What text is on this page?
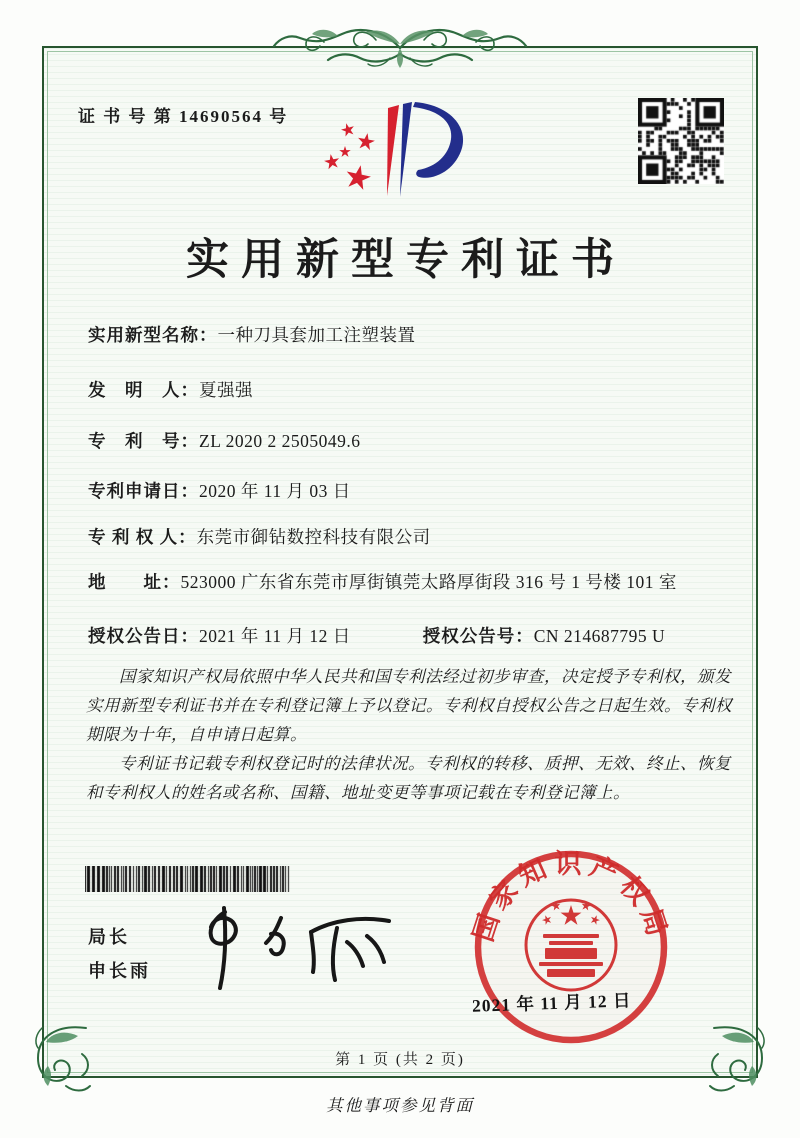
证 书 号 第 14690564 号
实用新型专利证书
实用新型名称： 一种刀具套加工注塑装置
发　明　人： 夏强强
专　利　号： ZL 2020 2 2505049.6
专利申请日： 2020 年 11 月 03 日
专 利 权 人： 东莞市御钻数控科技有限公司
地　　址： 523000 广东省东莞市厚街镇莞太路厚街段 316 号 1 号楼 101 室
授权公告日： 2021 年 11 月 12 日	授权公告号： CN 214687795 U

国家知识产权局依照中华人民共和国专利法经过初步审查，决定授予专利权，颁发实用新型专利证书并在专利登记簿上予以登记。专利权自授权公告之日起生效。专利权期限为十年，自申请日起算。

专利证书记载专利权登记时的法律状况。专利权的转移、质押、无效、终止、恢复和专利权人的姓名或名称、国籍、地址变更等事项记载在专利登记簿上。

局长
申长雨
国家知识产权局
2021 年 11 月 12 日
第 1 页 (共 2 页)
其他事项参见背面
